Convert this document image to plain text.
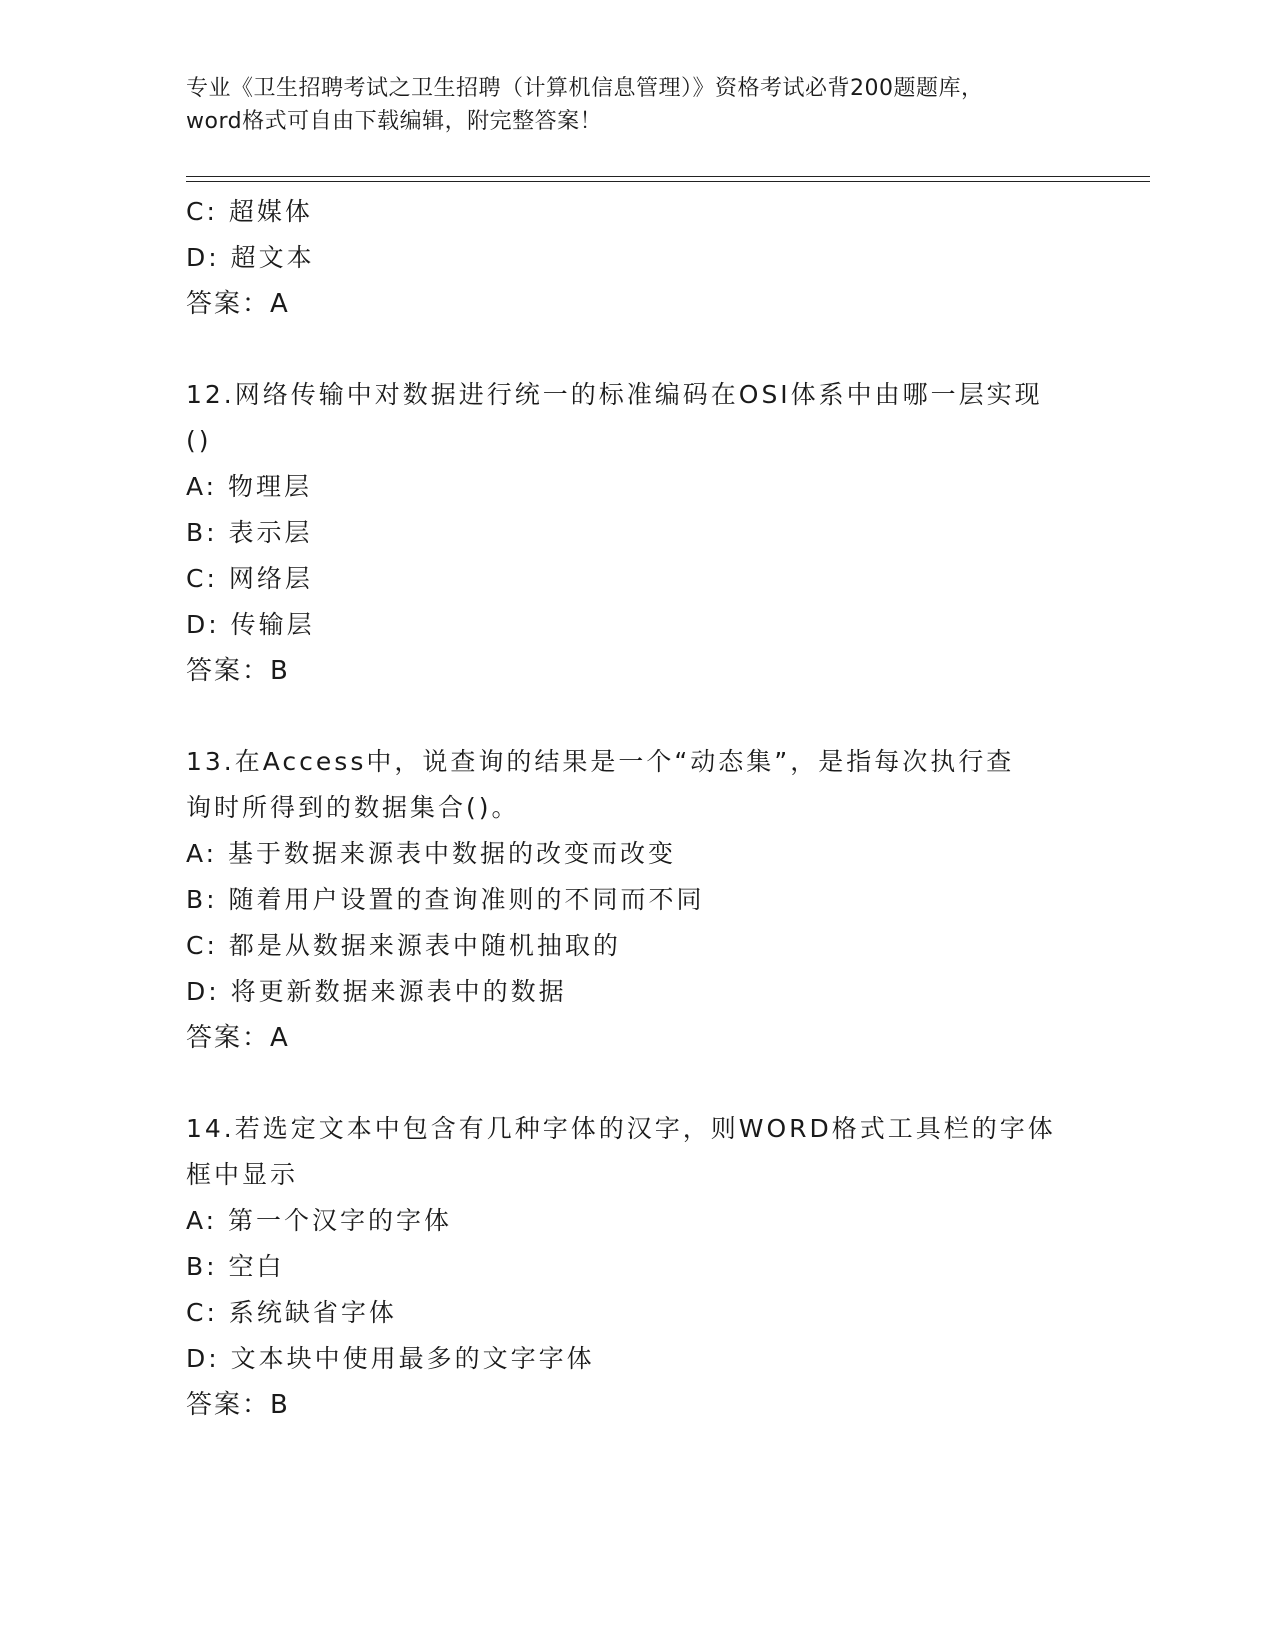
专业《卫生招聘考试之卫生招聘（计算机信息管理）》资格考试必背200题题库，
word格式可自由下载编辑，附完整答案！
C: 超媒体
D: 超文本
答案：A
12.网络传输中对数据进行统一的标准编码在OSI体系中由哪一层实现
()
A: 物理层
B: 表示层
C: 网络层
D: 传输层
答案：B
13.在Access中，说查询的结果是一个“动态集”，是指每次执行查
询时所得到的数据集合()。
A: 基于数据来源表中数据的改变而改变
B: 随着用户设置的查询准则的不同而不同
C: 都是从数据来源表中随机抽取的
D: 将更新数据来源表中的数据
答案：A
14.若选定文本中包含有几种字体的汉字，则WORD格式工具栏的字体
框中显示
A: 第一个汉字的字体
B: 空白
C: 系统缺省字体
D: 文本块中使用最多的文字字体
答案：B
